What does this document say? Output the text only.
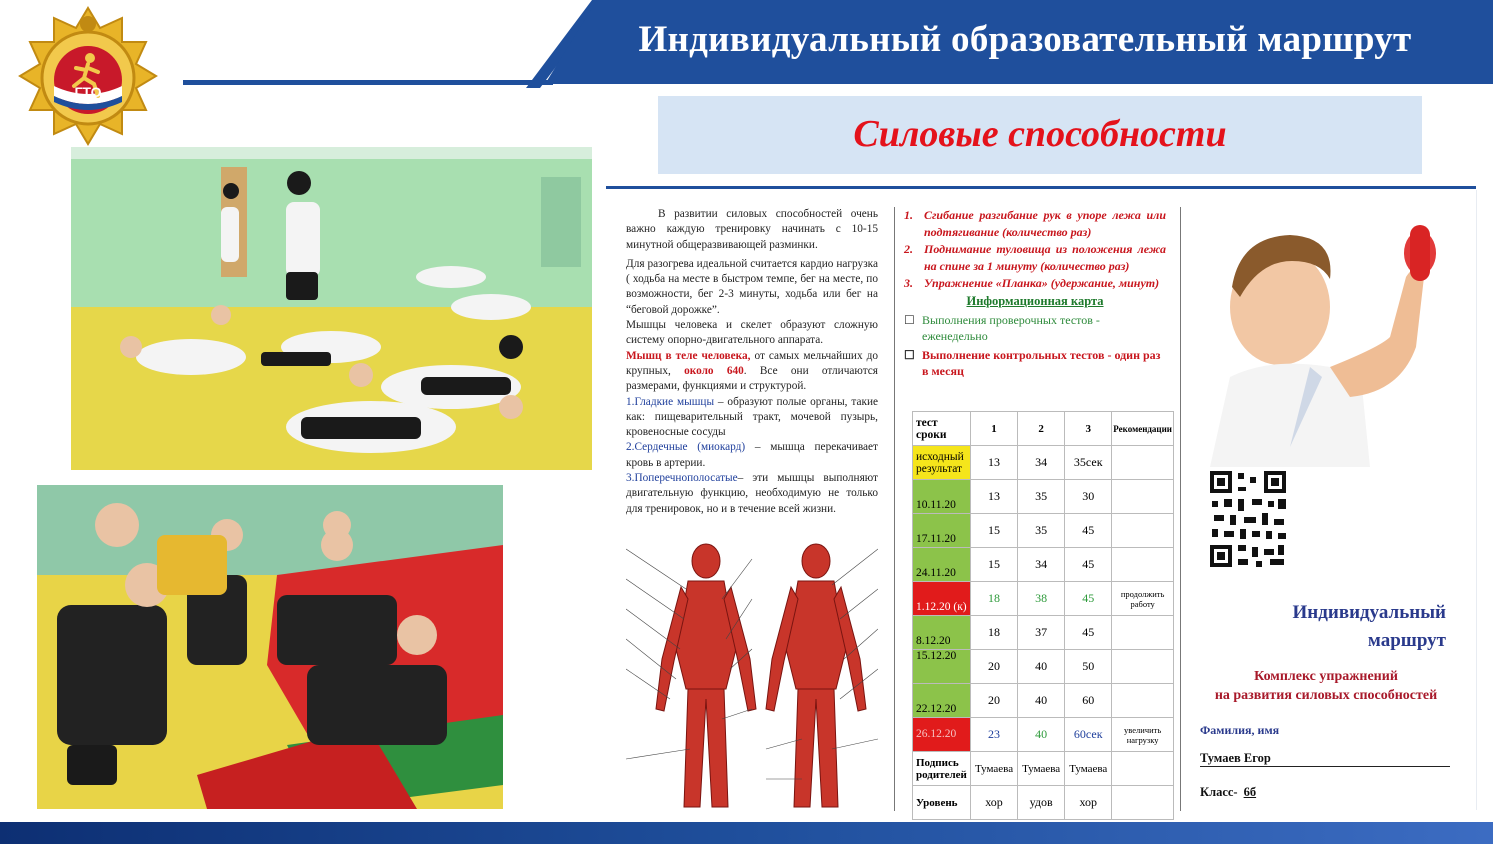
Индивидуальный образовательный маршрут
ГТО
Силовые способности

В развитии силовых способностей очень важно каждую тренировку начинать с 10-15 минутной общеразвивающей разминки.

Для разогрева идеальной считается кардио нагрузка ( ходьба на месте в быстром темпе, бег на месте, по возможности, бег 2-3 минуты, ходьба или бег на “беговой дорожке”.

Мышцы человека и скелет образуют сложную систему опорно-двигательного аппарата.

Мышц в теле человека, от самых мельчайших до крупных, около 640. Все они отличаются размерами, функциями и структурой.

1.Гладкие мышцы – образуют полые органы, такие как: пищеварительный тракт, мочевой пузырь, кровеносные сосуды

2.Сердечные (миокард) – мышца перекачивает кровь в артерии.

3.Поперечнополосатые– эти мышцы выполняют двигательную функцию, необходимую не только для тренировок, но и в течение всей жизни.

1. Сгибание разгибание рук в упоре лежа или подтягивание (количество раз)
2. Поднимание туловища из положения лежа на спине за 1 минуту (количество раз)
3. Упражнение «Планка» (удержание, минут)
Информационная карта
☐ Выполнения проверочных тестов - еженедельно
☐ Выполнение контрольных тестов - один раз в месяц
тест сроки	1	2	3	Рекомендации
исходный результат	13	34	35сек	
10.11.20	13	35	30	
17.11.20	15	35	45	
24.11.20	15	34	45	
1.12.20 (к)	18	38	45	продолжить работу
8.12.20	18	37	45	
15.12.20	20	40	50	
22.12.20	20	40	60	
26.12.20	23	40	60сек	увеличить нагрузку
Подпись родителей	Тумаева	Тумаева	Тумаева	
Уровень	хор	удов	хор	
Индивидуальный
маршрут
Комплекс упражнений
на развития силовых способностей
Фамилия, имя
Тумаев Егор
Класс- 6б
